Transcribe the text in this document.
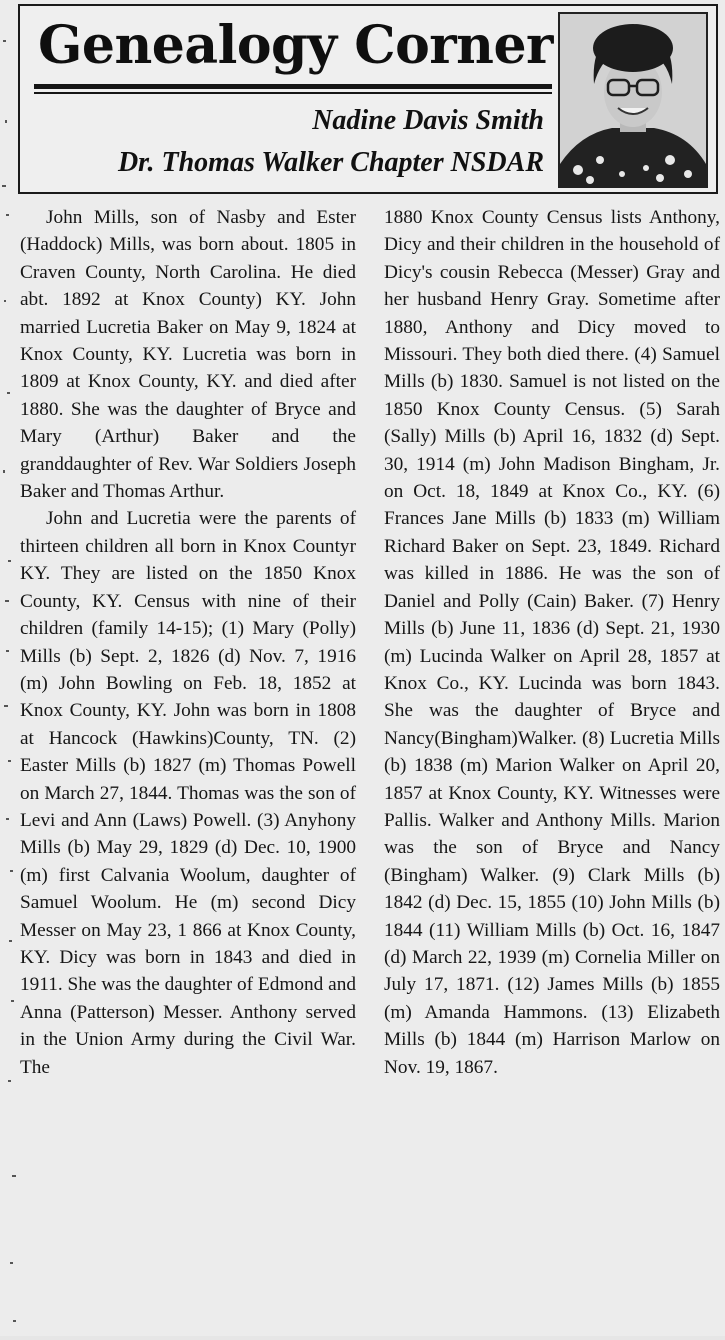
Genealogy Corner

Nadine Davis Smith

Dr. Thomas Walker Chapter NSDAR

John Mills, son of Nasby and Ester (Haddock) Mills, was born about. 1805 in Craven County, North Carolina. He died abt. 1892 at Knox County) KY. John married Lucretia Baker on May 9, 1824 at Knox County, KY. Lucretia was born in 1809 at Knox County, KY. and died after 1880. She was the daughter of Bryce and Mary (Arthur) Baker and the granddaughter of Rev. War Soldiers Joseph Baker and Thomas Arthur.

John and Lucretia were the parents of thirteen children all born in Knox Countyr KY. They are listed on the 1850 Knox County, KY. Census with nine of their children (family 14-15); (1) Mary (Polly) Mills (b) Sept. 2, 1826 (d) Nov. 7, 1916 (m) John Bowling on Feb. 18, 1852 at Knox County, KY. John was born in 1808 at Hancock (Hawkins)County, TN. (2) Easter Mills (b) 1827 (m) Thomas Powell on March 27, 1844. Thomas was the son of Levi and Ann (Laws) Powell. (3) Anyhony Mills (b) May 29, 1829 (d) Dec. 10, 1900 (m) first Calvania Woolum, daughter of Samuel Woolum. He (m) second Dicy Messer on May 23, 1 866 at Knox County, KY. Dicy was born in 1843 and died in 1911. She was the daughter of Edmond and Anna (Patterson) Messer. Anthony served in the Union Army during the Civil War. The

1880 Knox County Census lists Anthony, Dicy and their children in the household of Dicy's cousin Rebecca (Messer) Gray and her husband Henry Gray. Sometime after 1880, Anthony and Dicy moved to Missouri. They both died there. (4) Samuel Mills (b) 1830. Samuel is not listed on the 1850 Knox County Census. (5) Sarah (Sally) Mills (b) April 16, 1832 (d) Sept. 30, 1914 (m) John Madison Bingham, Jr. on Oct. 18, 1849 at Knox Co., KY. (6) Frances Jane Mills (b) 1833 (m) William Richard Baker on Sept. 23, 1849. Richard was killed in 1886. He was the son of Daniel and Polly (Cain) Baker. (7) Henry Mills (b) June 11, 1836 (d) Sept. 21, 1930 (m) Lucinda Walker on April 28, 1857 at Knox Co., KY. Lucinda was born 1843. She was the daughter of Bryce and Nancy(Bingham)Walker. (8) Lucretia Mills (b) 1838 (m) Marion Walker on April 20, 1857 at Knox County, KY. Witnesses were Pallis. Walker and Anthony Mills. Marion was the son of Bryce and Nancy (Bingham) Walker. (9) Clark Mills (b) 1842 (d) Dec. 15, 1855 (10) John Mills (b) 1844 (11) William Mills (b) Oct. 16, 1847 (d) March 22, 1939 (m) Cornelia Miller on July 17, 1871. (12) James Mills (b) 1855 (m) Amanda Hammons. (13) Elizabeth Mills (b) 1844 (m) Harrison Marlow on Nov. 19, 1867.
